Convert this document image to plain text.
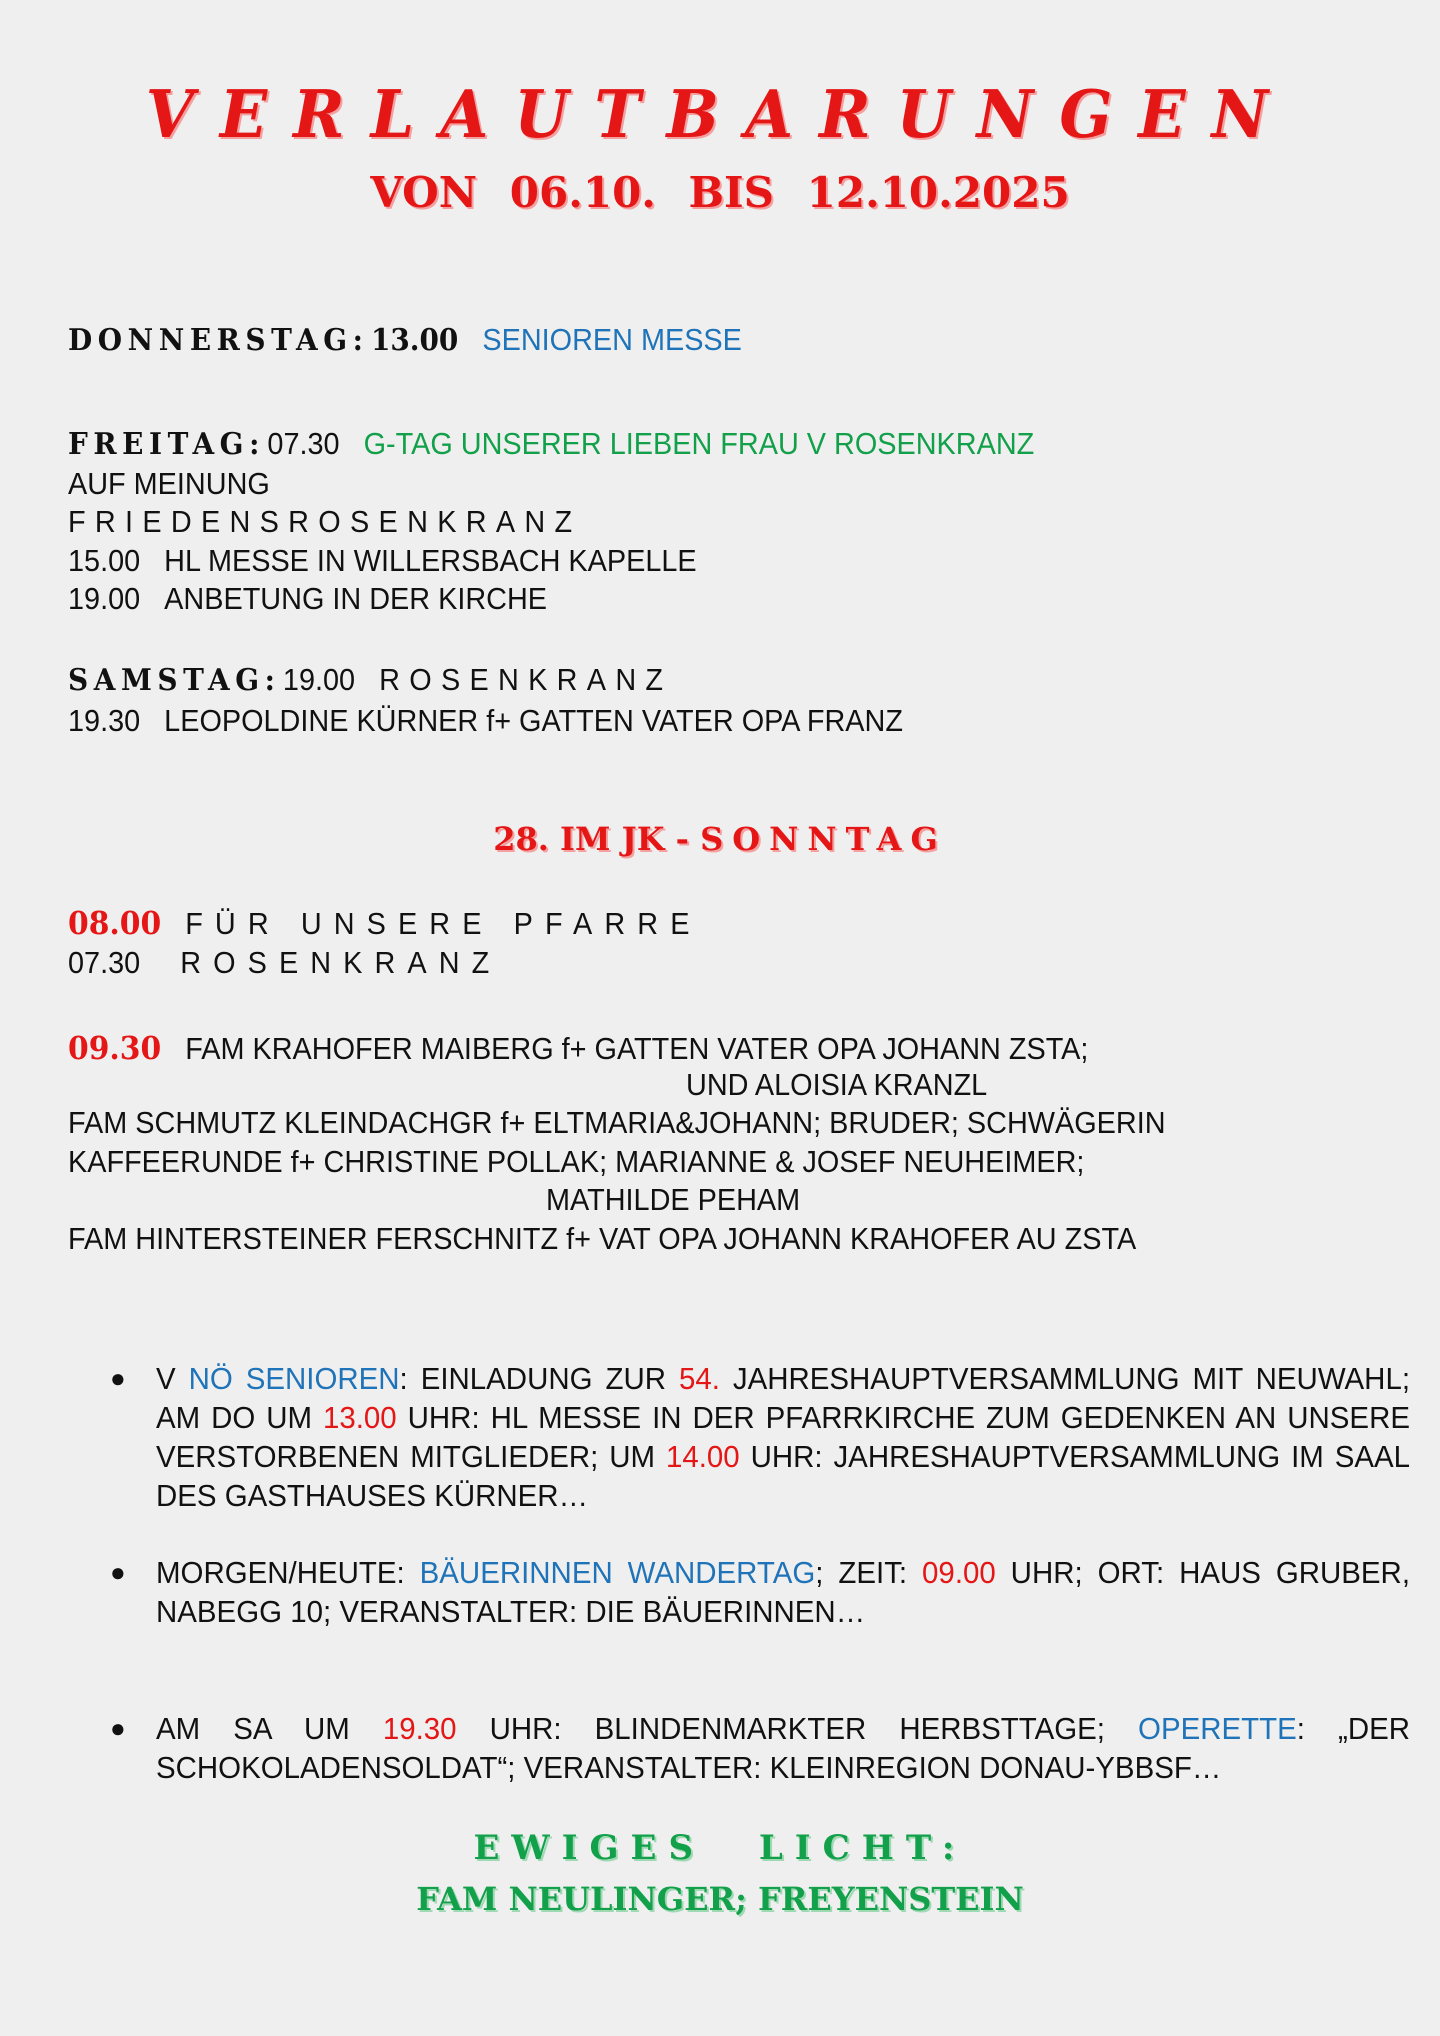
VERLAUTBARUNGEN
VON 06.10. BIS 12.10.2025
DONNERSTAG: 13.00 SENIOREN MESSE
FREITAG: 07.30 G-TAG UNSERER LIEBEN FRAU V ROSENKRANZ
AUF MEINUNG
FRIEDENSROSENKRANZ
15.00 HL MESSE IN WILLERSBACH KAPELLE
19.00 ANBETUNG IN DER KIRCHE
SAMSTAG: 19.00 ROSENKRANZ
19.30 LEOPOLDINE KÜRNER f+ GATTEN VATER OPA FRANZ
28. IM JK - SONNTAG
08.00 FÜR UNSERE PFARRE
07.30 ROSENKRANZ
09.30 FAM KRAHOFER MAIBERG f+ GATTEN VATER OPA JOHANN ZSTA;
UND ALOISIA KRANZL
FAM SCHMUTZ KLEINDACHGR f+ ELTMARIA&JOHANN; BRUDER; SCHWÄGERIN
KAFFEERUNDE f+ CHRISTINE POLLAK; MARIANNE & JOSEF NEUHEIMER;
MATHILDE PEHAM
FAM HINTERSTEINER FERSCHNITZ f+ VAT OPA JOHANN KRAHOFER AU ZSTA
● V NÖ SENIOREN: EINLADUNG ZUR 54. JAHRESHAUPTVERSAMMLUNG MIT NEUWAHL; AM DO UM 13.00 UHR: HL MESSE IN DER PFARRKIRCHE ZUM GEDENKEN AN UNSERE VERSTORBENEN MITGLIEDER; UM 14.00 UHR: JAHRESHAUPTVERSAMMLUNG IM SAAL DES GASTHAUSES KÜRNER…
● MORGEN/HEUTE: BÄUERINNEN WANDERTAG; ZEIT: 09.00 UHR; ORT: HAUS GRUBER, NABEGG 10; VERANSTALTER: DIE BÄUERINNEN…
● AM SA UM 19.30 UHR: BLINDENMARKTER HERBSTTAGE; OPERETTE: „DER SCHOKOLADENSOLDAT“; VERANSTALTER: KLEINREGION DONAU-YBBSF…
EWIGES LICHT:
FAM NEULINGER; FREYENSTEIN
